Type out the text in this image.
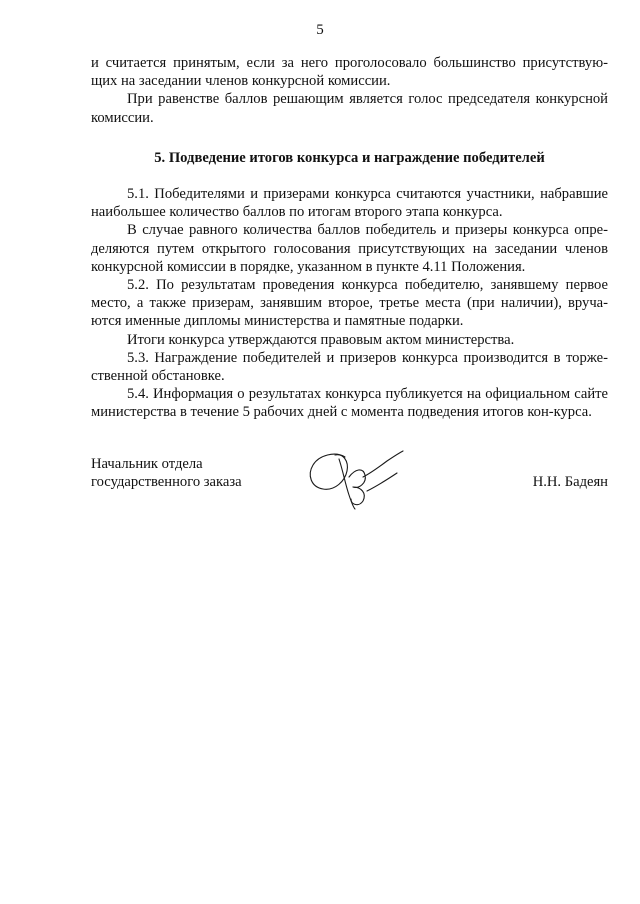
5

и считается принятым, если за него проголосовало большинство присутствую-щих на заседании членов конкурсной комиссии.

При равенстве баллов решающим является голос председателя конкурсной комиссии.

5. Подведение итогов конкурса и награждение победителей

5.1. Победителями и призерами конкурса считаются участники, набравшие наибольшее количество баллов по итогам второго этапа конкурса.

В случае равного количества баллов победитель и призеры конкурса опре-деляются путем открытого голосования присутствующих на заседании членов конкурсной комиссии в порядке, указанном в пункте 4.11 Положения.

5.2. По результатам проведения конкурса победителю, занявшему первое место, а также призерам, занявшим второе, третье места (при наличии), вруча-ются именные дипломы министерства и памятные подарки.

Итоги конкурса утверждаются правовым актом министерства.

5.3. Награждение победителей и призеров конкурса производится в торже-ственной обстановке.

5.4. Информация о результатах конкурса публикуется на официальном сайте министерства в течение 5 рабочих дней с момента подведения итогов кон-курса.

Начальник отдела
государственного заказа	Н.Н. Бадеян
